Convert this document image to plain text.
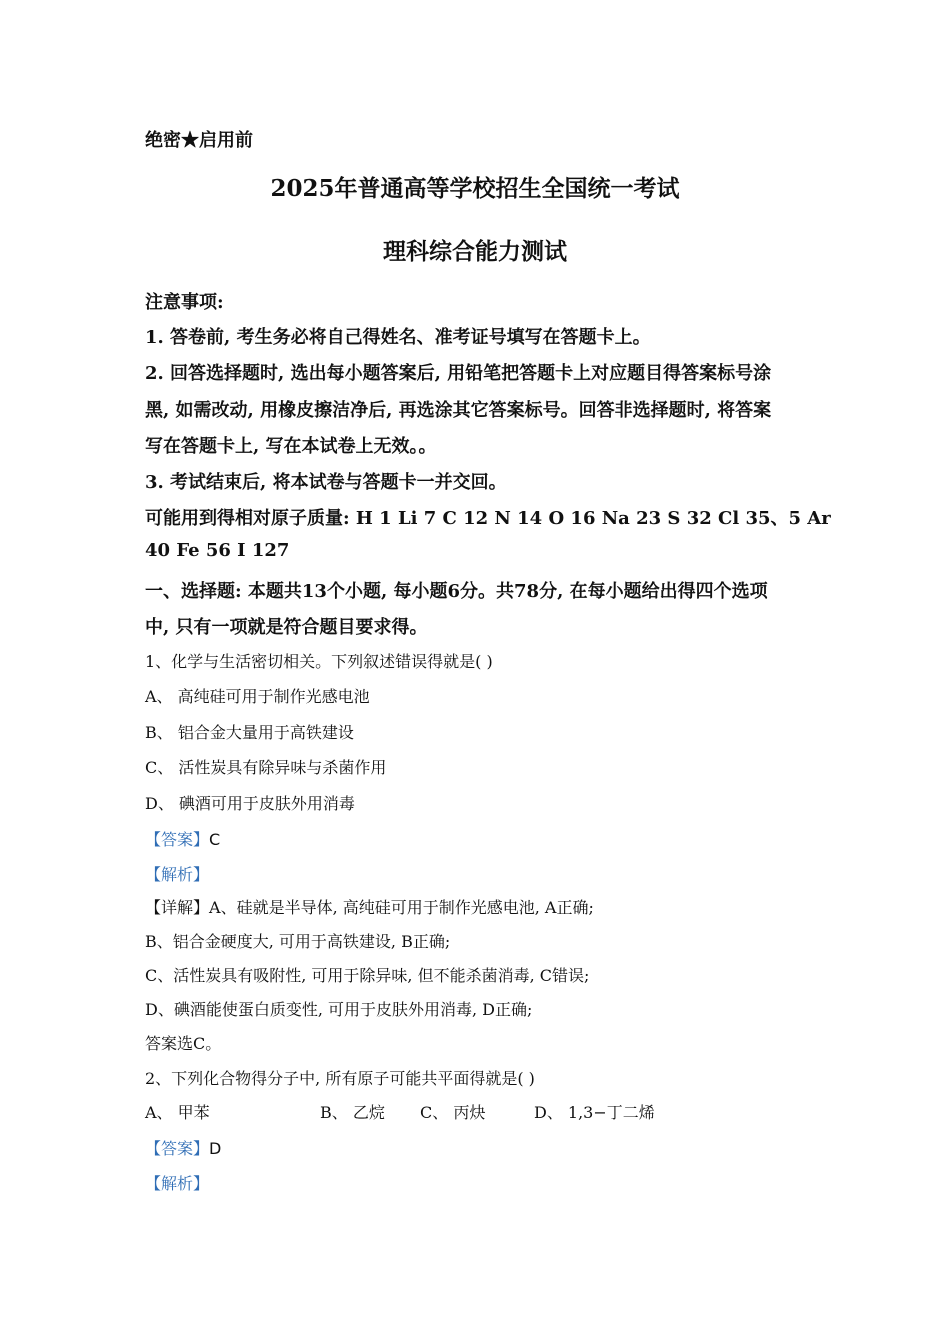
绝密★启用前
2025年普通高等学校招生全国统一考试
理科综合能力测试
注意事项:
1. 答卷前, 考生务必将自己得姓名、准考证号填写在答题卡上。
2. 回答选择题时, 选出每小题答案后, 用铅笔把答题卡上对应题目得答案标号涂
黑, 如需改动, 用橡皮擦洁净后, 再选涂其它答案标号。回答非选择题时, 将答案
写在答题卡上, 写在本试卷上无效。。
3. 考试结束后, 将本试卷与答题卡一并交回。
可能用到得相对原子质量: H 1 Li 7 C 12 N 14 O 16 Na 23 S 32 Cl 35、5 Ar
40 Fe 56 I 127
一、选择题: 本题共13个小题, 每小题6分。共78分, 在每小题给出得四个选项
中, 只有一项就是符合题目要求得。
1、化学与生活密切相关。下列叙述错误得就是( )
A、 高纯硅可用于制作光感电池
B、 铝合金大量用于高铁建设
C、 活性炭具有除异味与杀菌作用
D、 碘酒可用于皮肤外用消毒
【答案】C
【解析】
【详解】A、硅就是半导体, 高纯硅可用于制作光感电池, A正确;
B、铝合金硬度大, 可用于高铁建设, B正确;
C、活性炭具有吸附性, 可用于除异味, 但不能杀菌消毒, C错误;
D、碘酒能使蛋白质变性, 可用于皮肤外用消毒, D正确;
答案选C。
2、下列化合物得分子中, 所有原子可能共平面得就是( )
A、 甲苯	B、 乙烷 C、 丙炔	D、 1,3−丁二烯
【答案】D
【解析】
